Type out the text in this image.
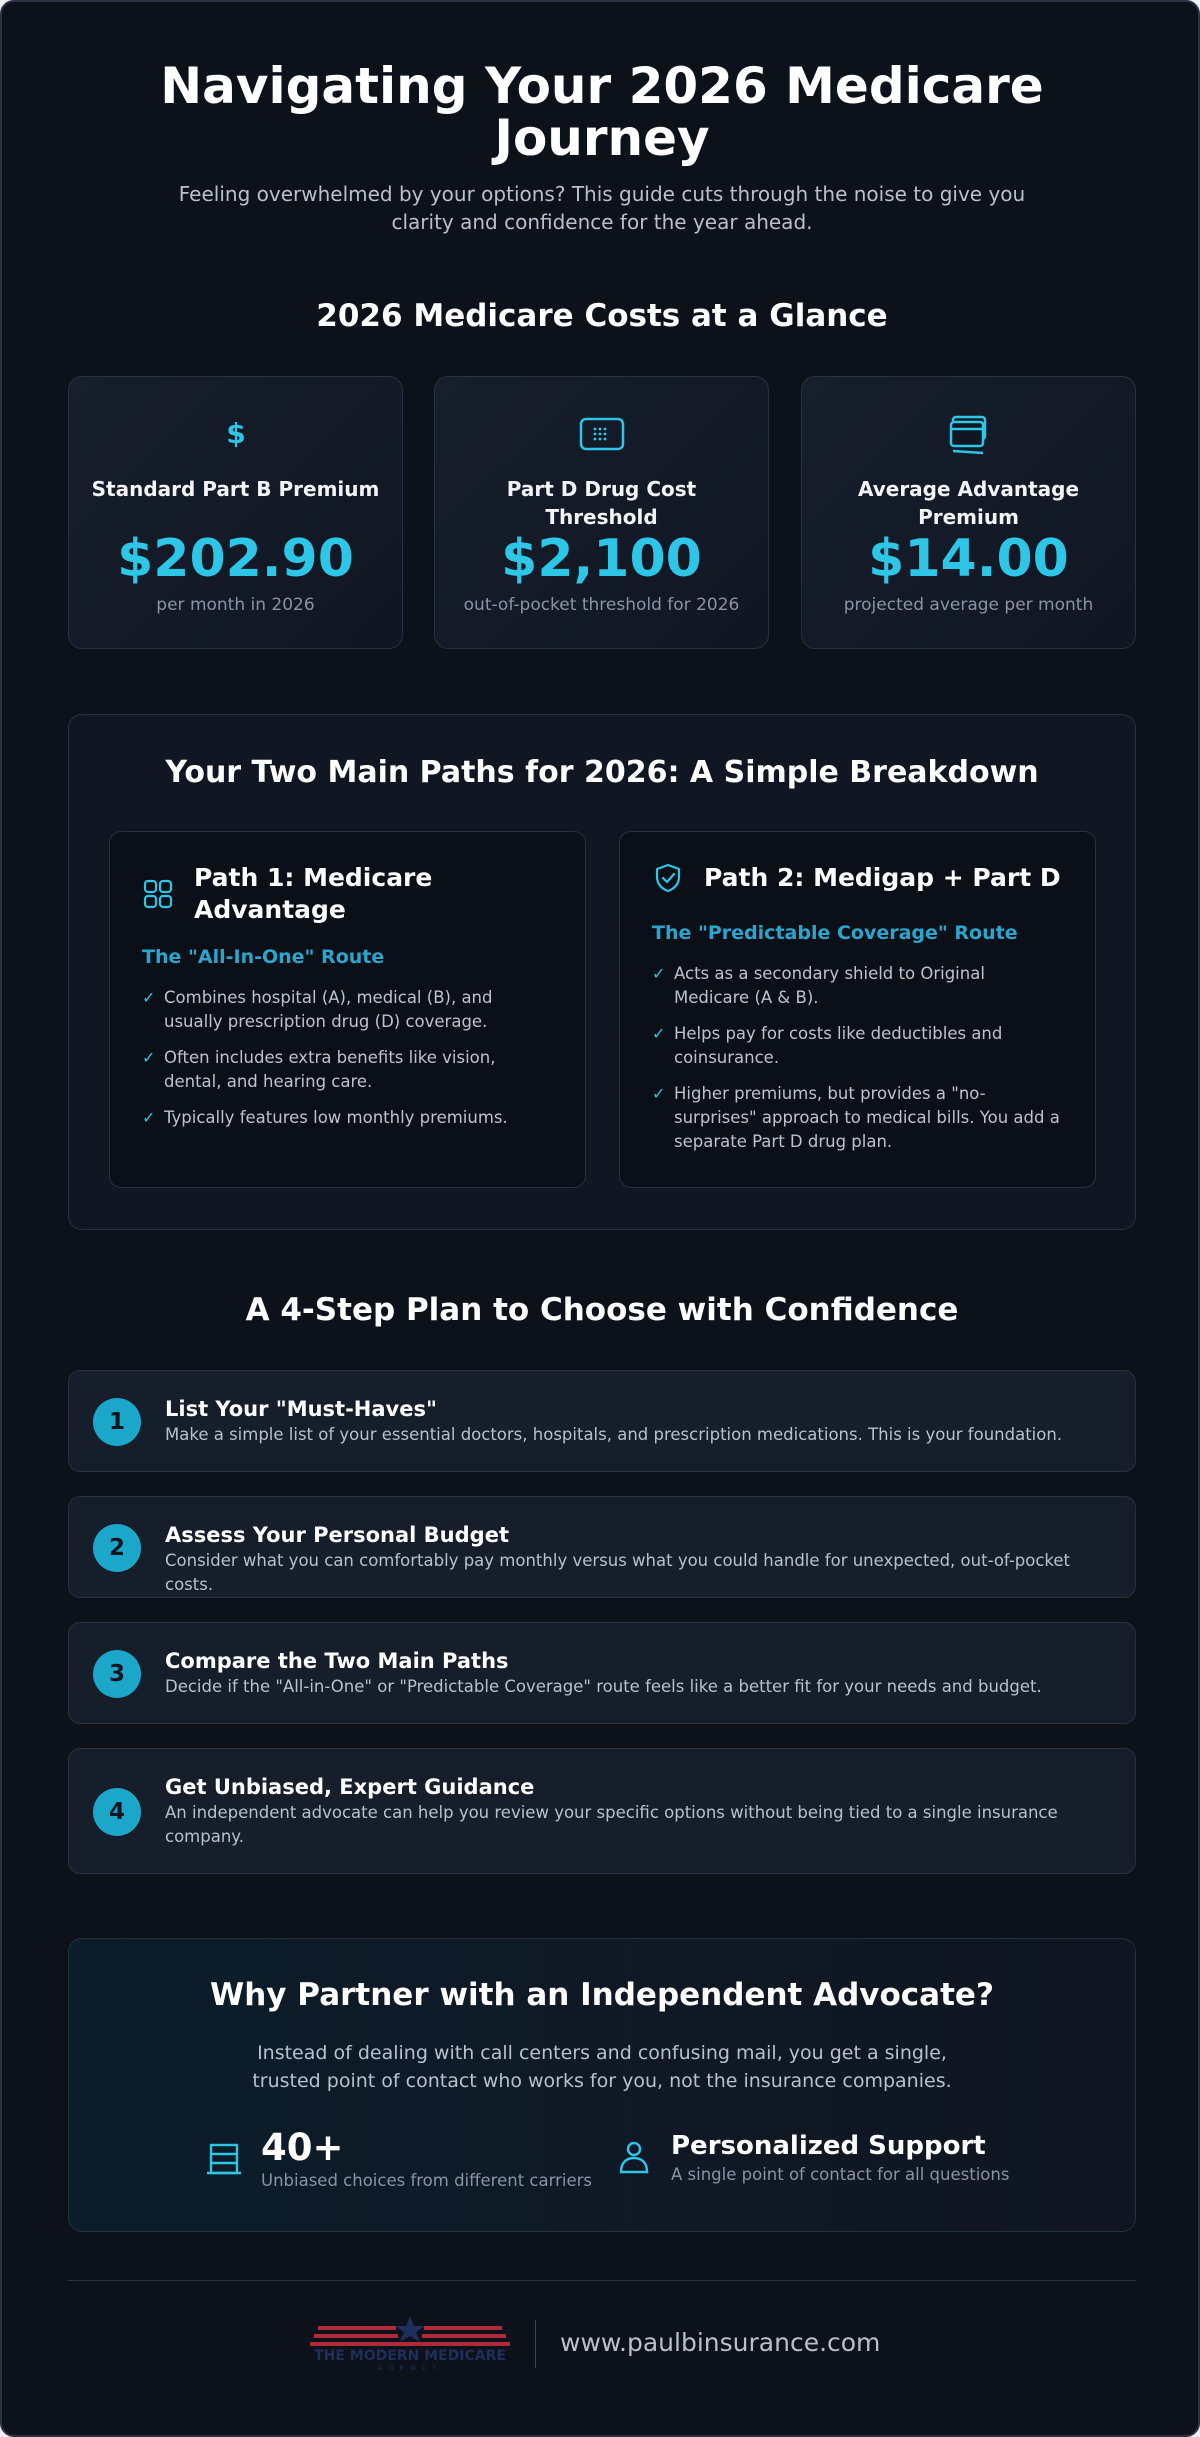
Navigating Your 2026 Medicare Journey

Feeling overwhelmed by your options? This guide cuts through the noise to give you clarity and confidence for the year ahead.

2026 Medicare Costs at a Glance
$
Standard Part B Premium
$202.90
per month in 2026
Part D Drug Cost Threshold
$2,100
out-of-pocket threshold for 2026
Average Advantage Premium
$14.00
projected average per month
Your Two Main Paths for 2026: A Simple Breakdown
Path 1: Medicare Advantage
The "All-In-One" Route
✓ Combines hospital (A), medical (B), and usually prescription drug (D) coverage.
✓ Often includes extra benefits like vision, dental, and hearing care.
✓ Typically features low monthly premiums.
Path 2: Medigap + Part D
The "Predictable Coverage" Route
✓ Acts as a secondary shield to Original Medicare (A & B).
✓ Helps pay for costs like deductibles and coinsurance.
✓ Higher premiums, but provides a "no-surprises" approach to medical bills. You add a separate Part D drug plan.
A 4-Step Plan to Choose with Confidence
1	List Your "Must-Haves"
Make a simple list of your essential doctors, hospitals, and prescription medications. This is your foundation.
2	Assess Your Personal Budget
Consider what you can comfortably pay monthly versus what you could handle for unexpected, out-of-pocket costs.
3	Compare the Two Main Paths
Decide if the "All-in-One" or "Predictable Coverage" route feels like a better fit for your needs and budget.
4
Get Unbiased, Expert Guidance
An independent advocate can help you review your specific options without being tied to a single insurance company.
Why Partner with an Independent Advocate?
Instead of dealing with call centers and confusing mail, you get a single, trusted point of contact who works for you, not the insurance companies.
40+
Unbiased choices from different carriers
Personalized Support
A single point of contact for all questions
THE MODERN MEDICARE
AGENCY
www.paulbinsurance.com
